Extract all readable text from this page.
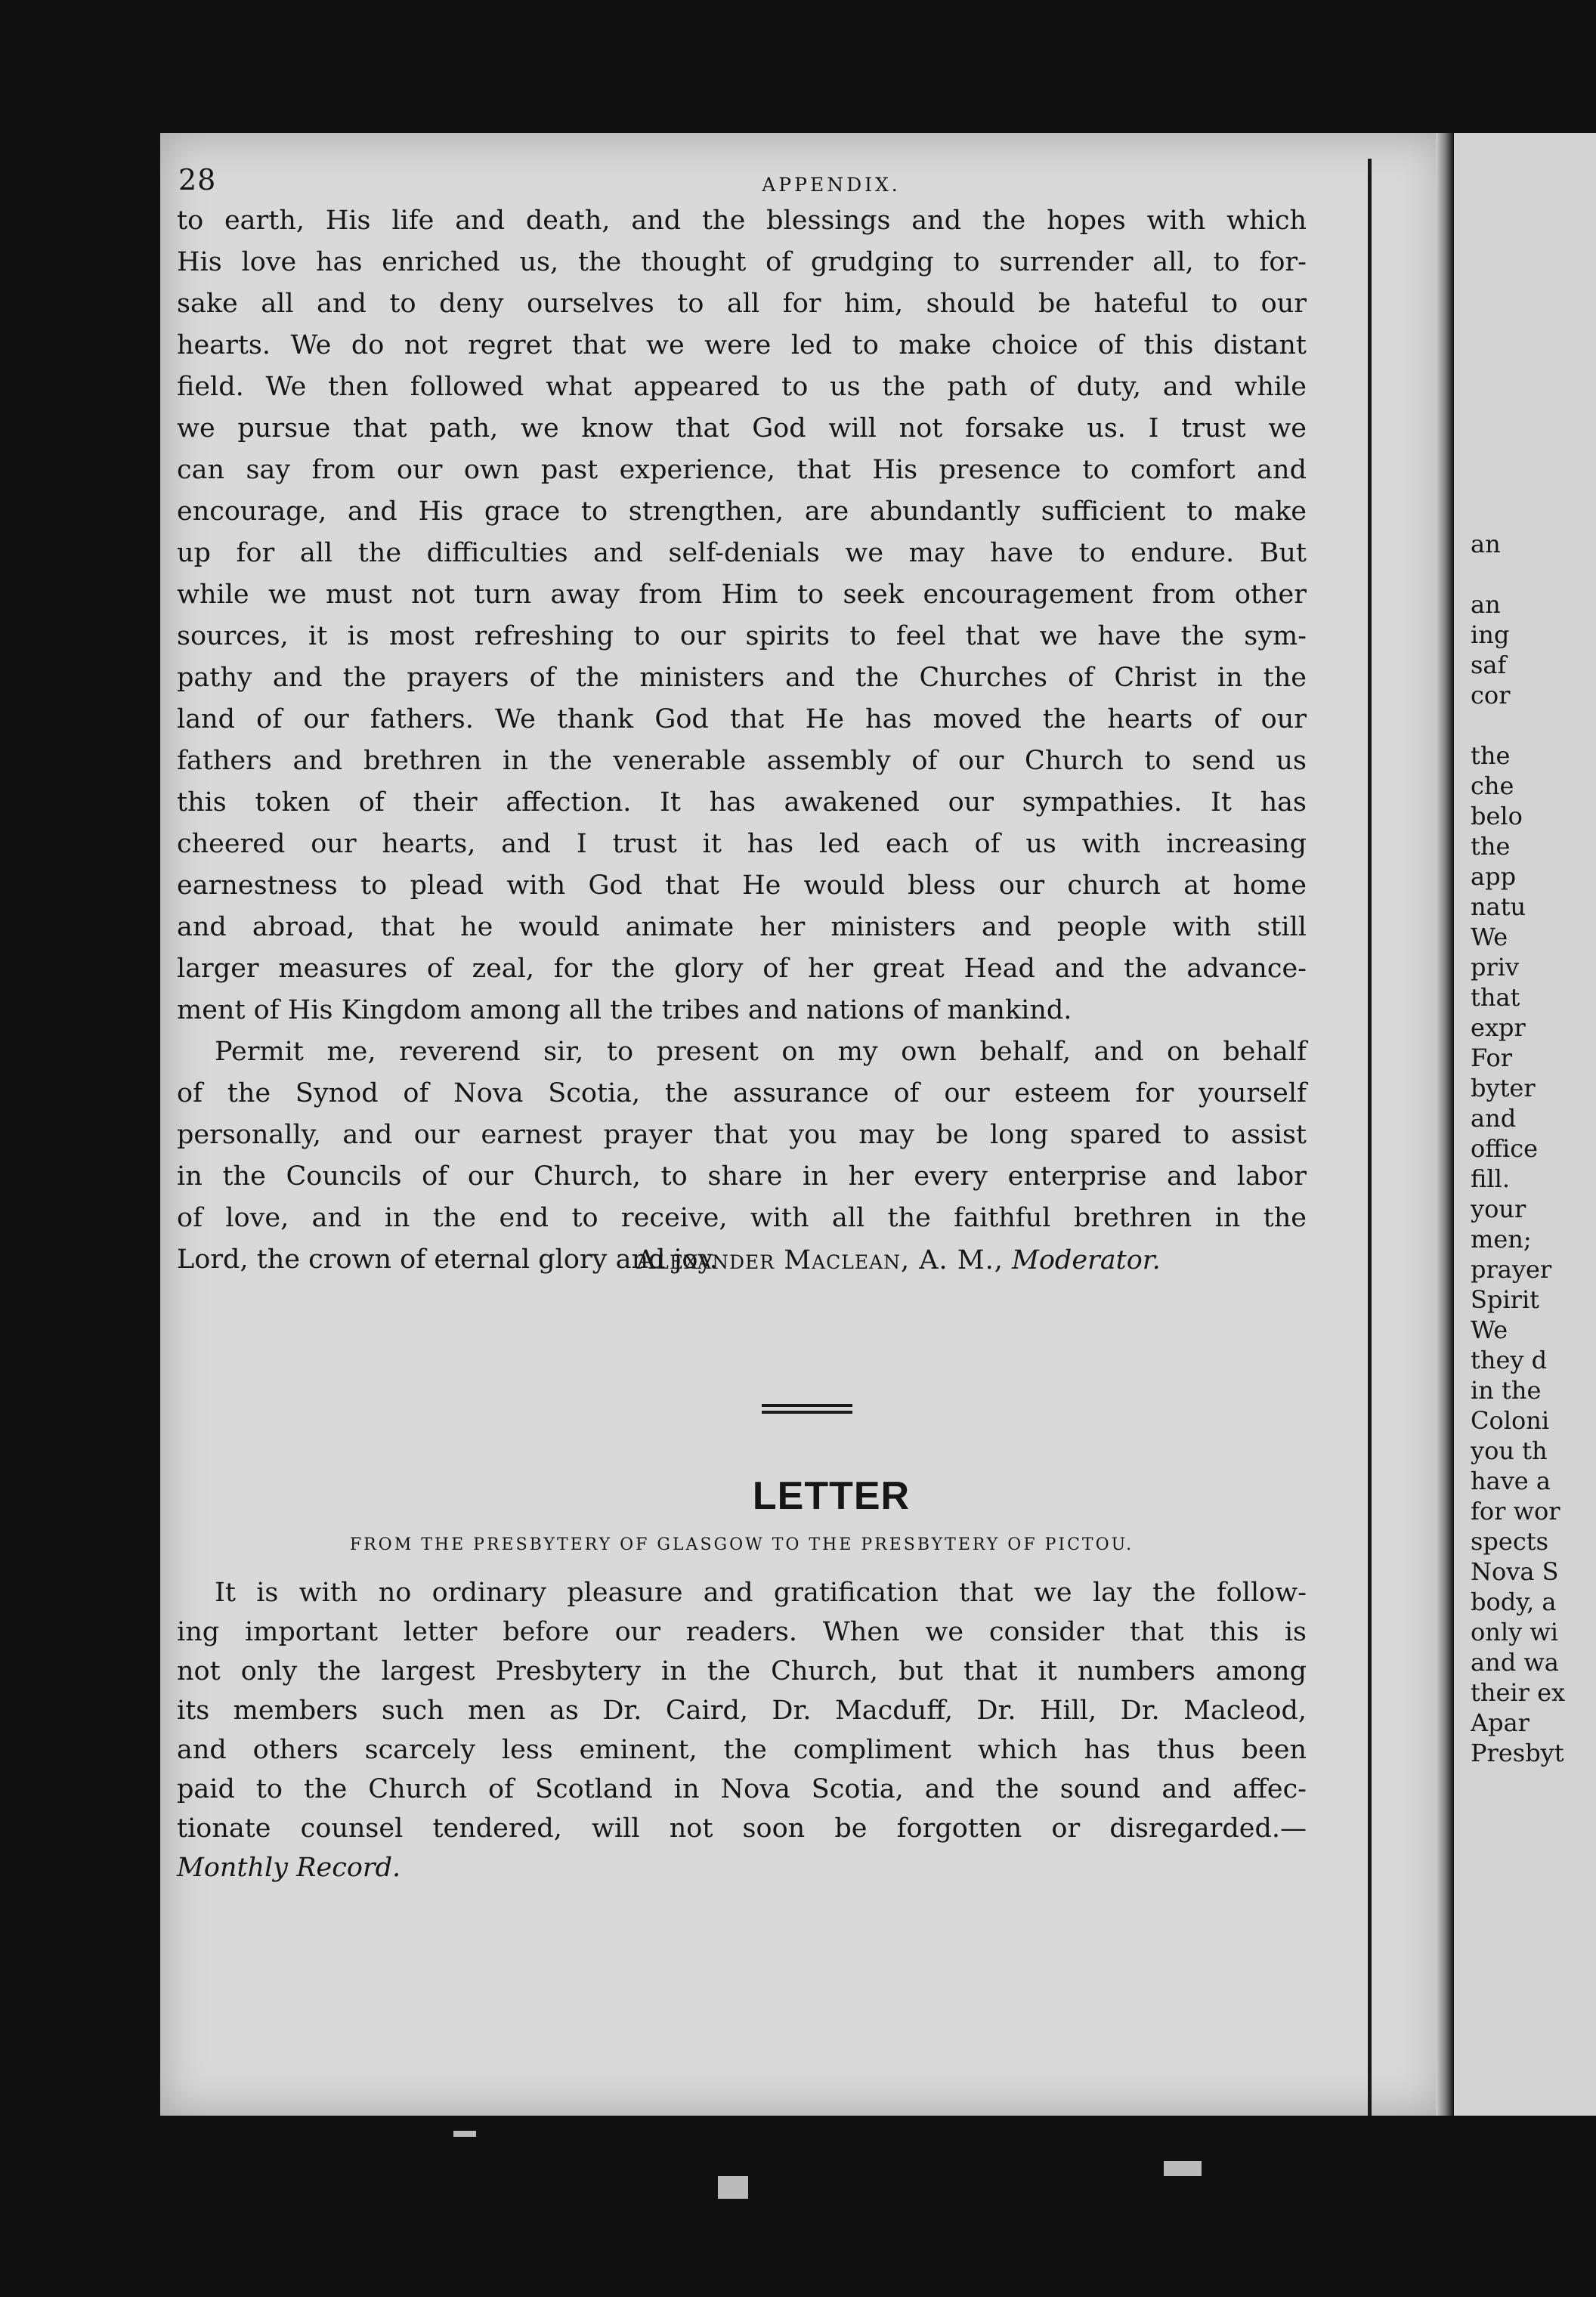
28	APPENDIX.
to earth, His life and death, and the blessings and the hopes with which
His love has enriched us, the thought of grudging to surrender all, to for-
sake all and to deny ourselves to all for him, should be hateful to our
hearts. We do not regret that we were led to make choice of this distant
field. We then followed what appeared to us the path of duty, and while
we pursue that path, we know that God will not forsake us. I trust we
can say from our own past experience, that His presence to comfort and
encourage, and His grace to strengthen, are abundantly sufficient to make
up for all the difficulties and self-denials we may have to endure. But
while we must not turn away from Him to seek encouragement from other
sources, it is most refreshing to our spirits to feel that we have the sym-
pathy and the prayers of the ministers and the Churches of Christ in the
land of our fathers. We thank God that He has moved the hearts of our
fathers and brethren in the venerable assembly of our Church to send us
this token of their affection. It has awakened our sympathies. It has
cheered our hearts, and I trust it has led each of us with increasing
earnestness to plead with God that He would bless our church at home
and abroad, that he would animate her ministers and people with still
larger measures of zeal, for the glory of her great Head and the advance-
ment of His Kingdom among all the tribes and nations of mankind.
Permit me, reverend sir, to present on my own behalf, and on behalf
of the Synod of Nova Scotia, the assurance of our esteem for yourself
personally, and our earnest prayer that you may be long spared to assist
in the Councils of our Church, to share in her every enterprise and labor
of love, and in the end to receive, with all the faithful brethren in the
Lord, the crown of eternal glory and joy.
Alexander Maclean, A. M., Moderator.
LETTER
FROM THE PRESBYTERY OF GLASGOW TO THE PRESBYTERY OF PICTOU.
It is with no ordinary pleasure and gratification that we lay the follow-
ing important letter before our readers. When we consider that this is
not only the largest Presbytery in the Church, but that it numbers among
its members such men as Dr. Caird, Dr. Macduff, Dr. Hill, Dr. Macleod,
and others scarcely less eminent, the compliment which has thus been
paid to the Church of Scotland in Nova Scotia, and the sound and affec-
tionate counsel tendered, will not soon be forgotten or disregarded.—
Monthly Record.
an
an
ing
saf
cor
the
che
belo
the
app
natu
We
priv
that
expr
For
byter
and
office
fill.
your
men;
prayer
Spirit
We
they d
in the
Coloni
you th
have a
for wor
spects
Nova S
body, a
only wi
and wa
their ex
Apar
Presbyt
